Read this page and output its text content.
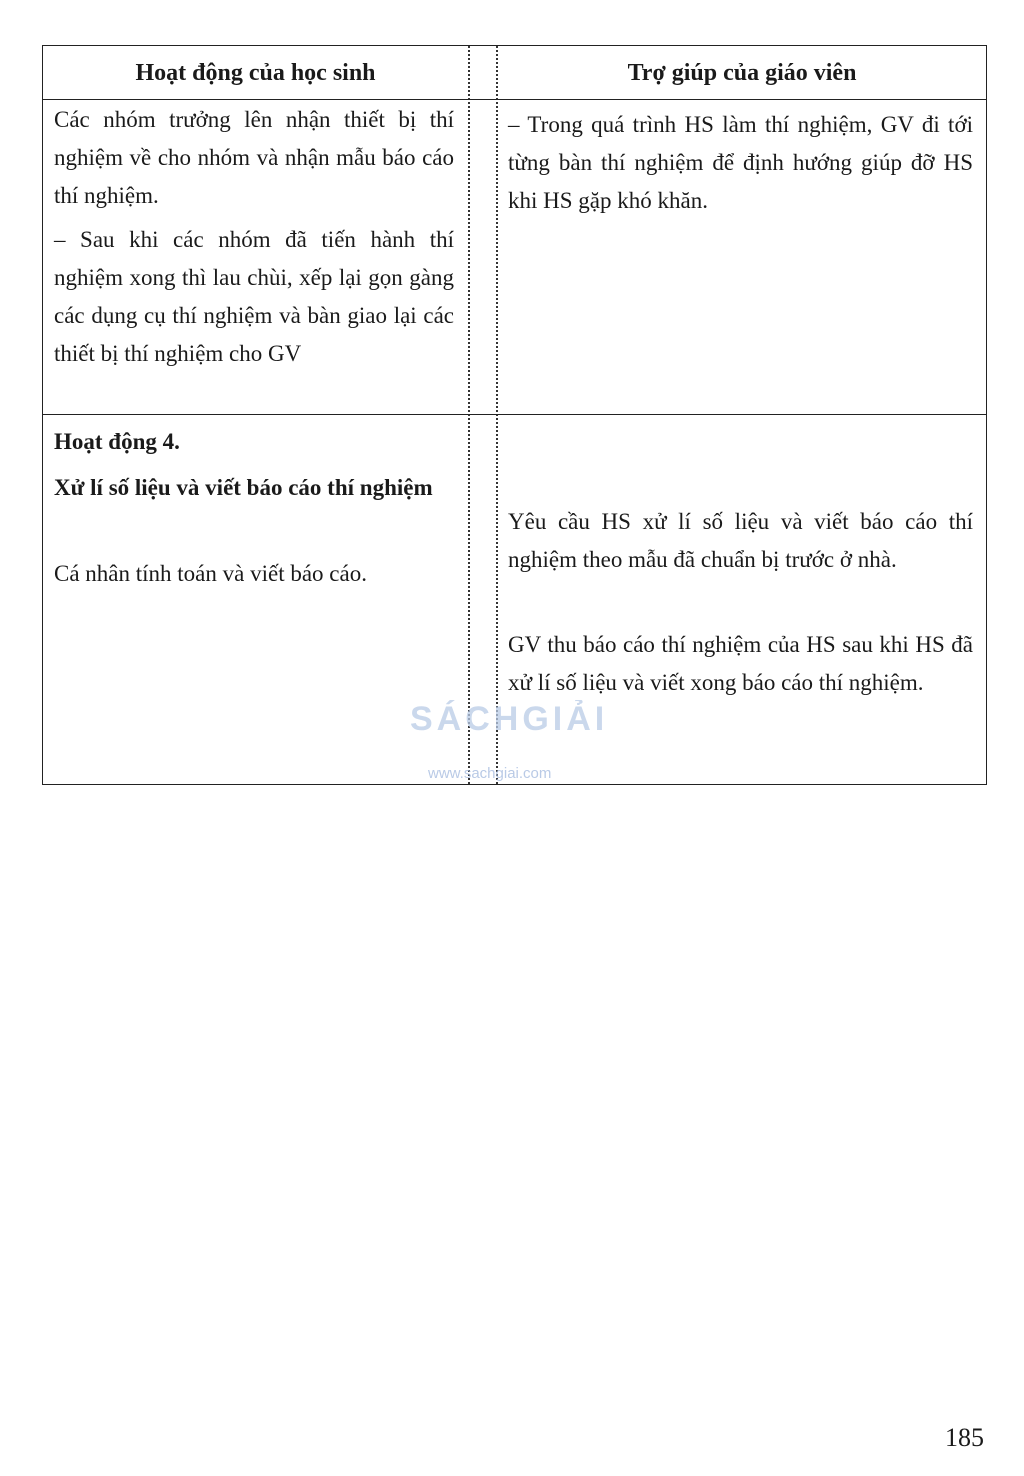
Hoạt động của học sinh	Trợ giúp của giáo viên

Các nhóm trưởng lên nhận thiết bị thí nghiệm về cho nhóm và nhận mẫu báo cáo thí nghiệm.

– Sau khi các nhóm đã tiến hành thí nghiệm xong thì lau chùi, xếp lại gọn gàng các dụng cụ thí nghiệm và bàn giao lại các thiết bị thí nghiệm cho GV

– Trong quá trình HS làm thí nghiệm, GV đi tới từng bàn thí nghiệm để định hướng giúp đỡ HS khi HS gặp khó khăn.

Hoạt động 4.

Xử lí số liệu và viết báo cáo thí nghiệm

Cá nhân tính toán và viết báo cáo.

Yêu cầu HS xử lí số liệu và viết báo cáo thí nghiệm theo mẫu đã chuẩn bị trước ở nhà.

GV thu báo cáo thí nghiệm của HS sau khi HS đã xử lí số liệu và viết xong báo cáo thí nghiệm.

SÁCHGIẢI
www.sachgiai.com
185
